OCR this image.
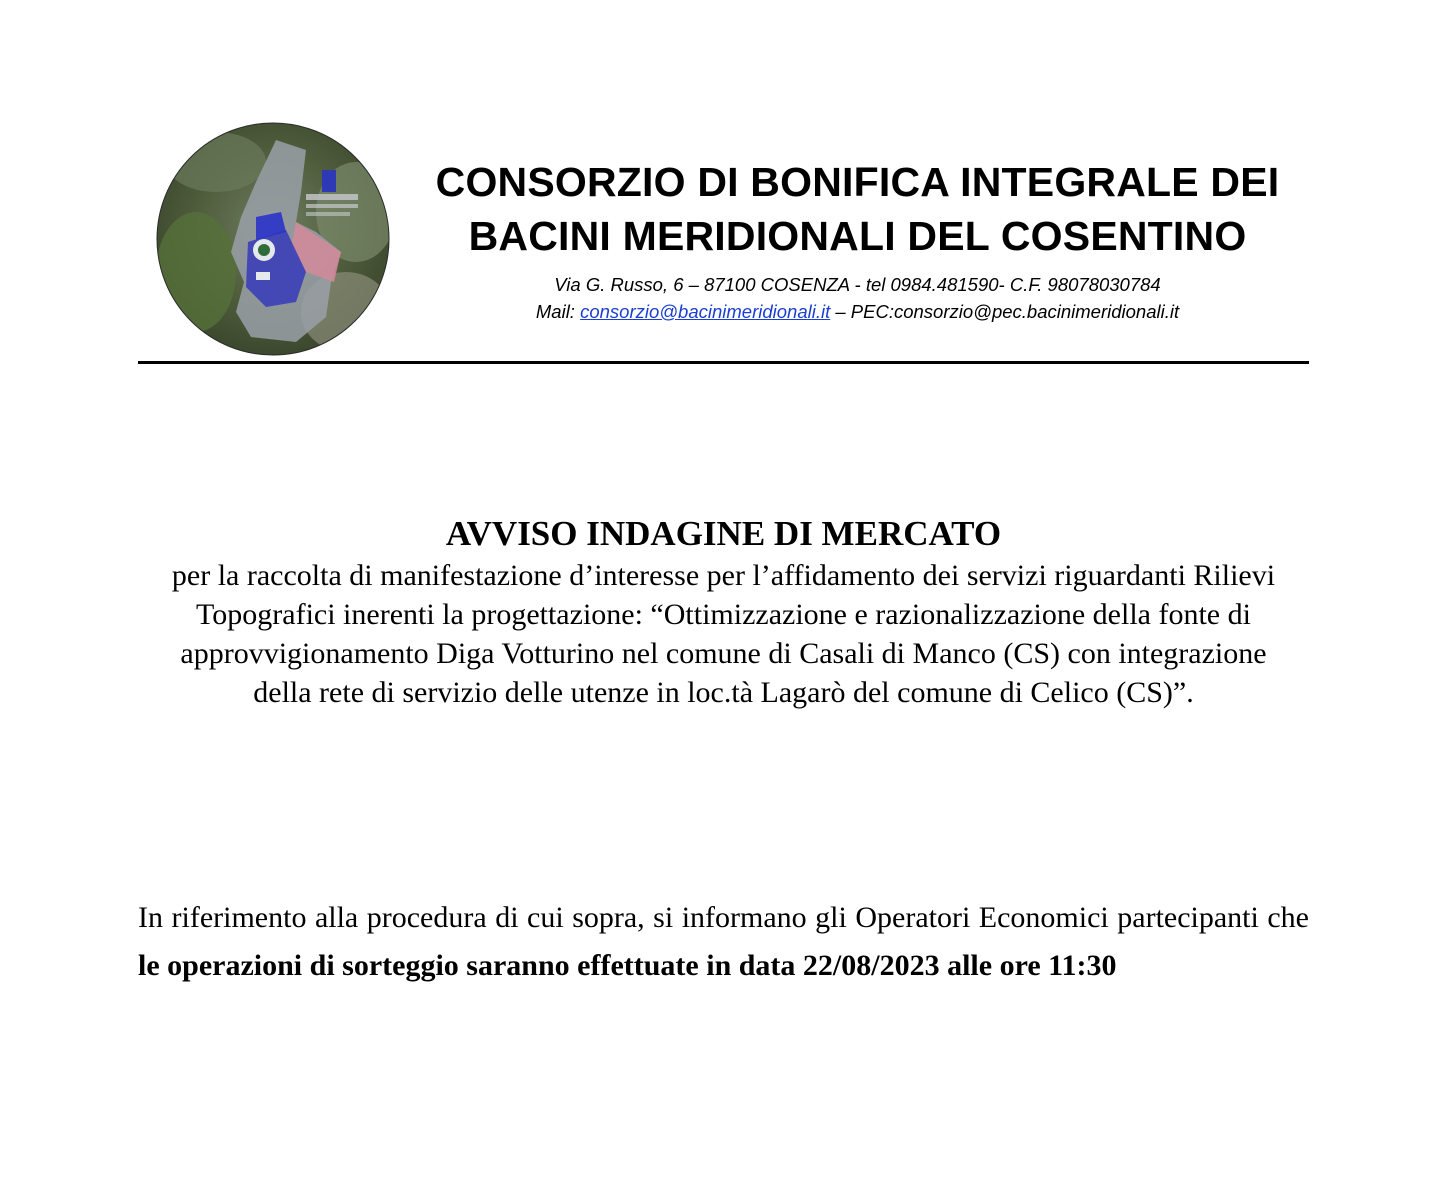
CONSORZIO DI BONIFICA INTEGRALE DEI

BACINI MERIDIONALI DEL COSENTINO

Via G. Russo, 6 – 87100 COSENZA - tel 0984.481590- C.F. 98078030784

Mail: consorzio@bacinimeridionali.it – PEC:consorzio@pec.bacinimeridionali.it

AVVISO INDAGINE DI MERCATO

per la raccolta di manifestazione d’interesse per l’affidamento dei servizi riguardanti Rilievi Topografici inerenti la progettazione: “Ottimizzazione e razionalizzazione della fonte di approvvigionamento Diga Votturino nel comune di Casali di Manco (CS) con integrazione della rete di servizio delle utenze in loc.tà Lagarò del comune di Celico (CS)”.

In riferimento alla procedura di cui sopra, si informano gli Operatori Economici partecipanti che le operazioni di sorteggio saranno effettuate in data 22/08/2023 alle ore 11:30
